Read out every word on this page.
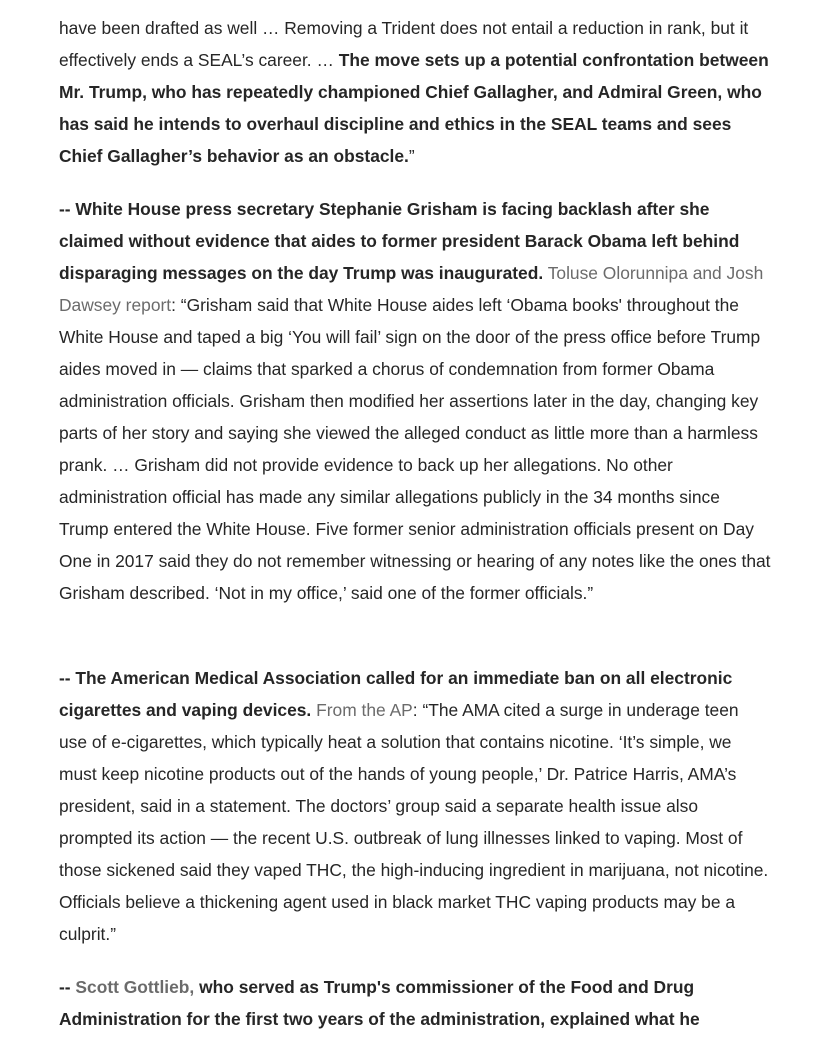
have been drafted as well … Removing a Trident does not entail a reduction in rank, but it effectively ends a SEAL’s career. … The move sets up a potential confrontation between Mr. Trump, who has repeatedly championed Chief Gallagher, and Admiral Green, who has said he intends to overhaul discipline and ethics in the SEAL teams and sees Chief Gallagher’s behavior as an obstacle.”

-- White House press secretary Stephanie Grisham is facing backlash after she claimed without evidence that aides to former president Barack Obama left behind disparaging messages on the day Trump was inaugurated. Toluse Olorunnipa and Josh Dawsey report: “Grisham said that White House aides left ‘Obama books' throughout the White House and taped a big ‘You will fail’ sign on the door of the press office before Trump aides moved in — claims that sparked a chorus of condemnation from former Obama administration officials. Grisham then modified her assertions later in the day, changing key parts of her story and saying she viewed the alleged conduct as little more than a harmless prank. … Grisham did not provide evidence to back up her allegations. No other administration official has made any similar allegations publicly in the 34 months since Trump entered the White House. Five former senior administration officials present on Day One in 2017 said they do not remember witnessing or hearing of any notes like the ones that Grisham described. ‘Not in my office,’ said one of the former officials.”

-- The American Medical Association called for an immediate ban on all electronic cigarettes and vaping devices. From the AP: “The AMA cited a surge in underage teen use of e-cigarettes, which typically heat a solution that contains nicotine. ‘It’s simple, we must keep nicotine products out of the hands of young people,’ Dr. Patrice Harris, AMA’s president, said in a statement. The doctors’ group said a separate health issue also prompted its action — the recent U.S. outbreak of lung illnesses linked to vaping. Most of those sickened said they vaped THC, the high-inducing ingredient in marijuana, not nicotine. Officials believe a thickening agent used in black market THC vaping products may be a culprit.”

-- Scott Gottlieb, who served as Trump's commissioner of the Food and Drug Administration for the first two years of the administration, explained what he
